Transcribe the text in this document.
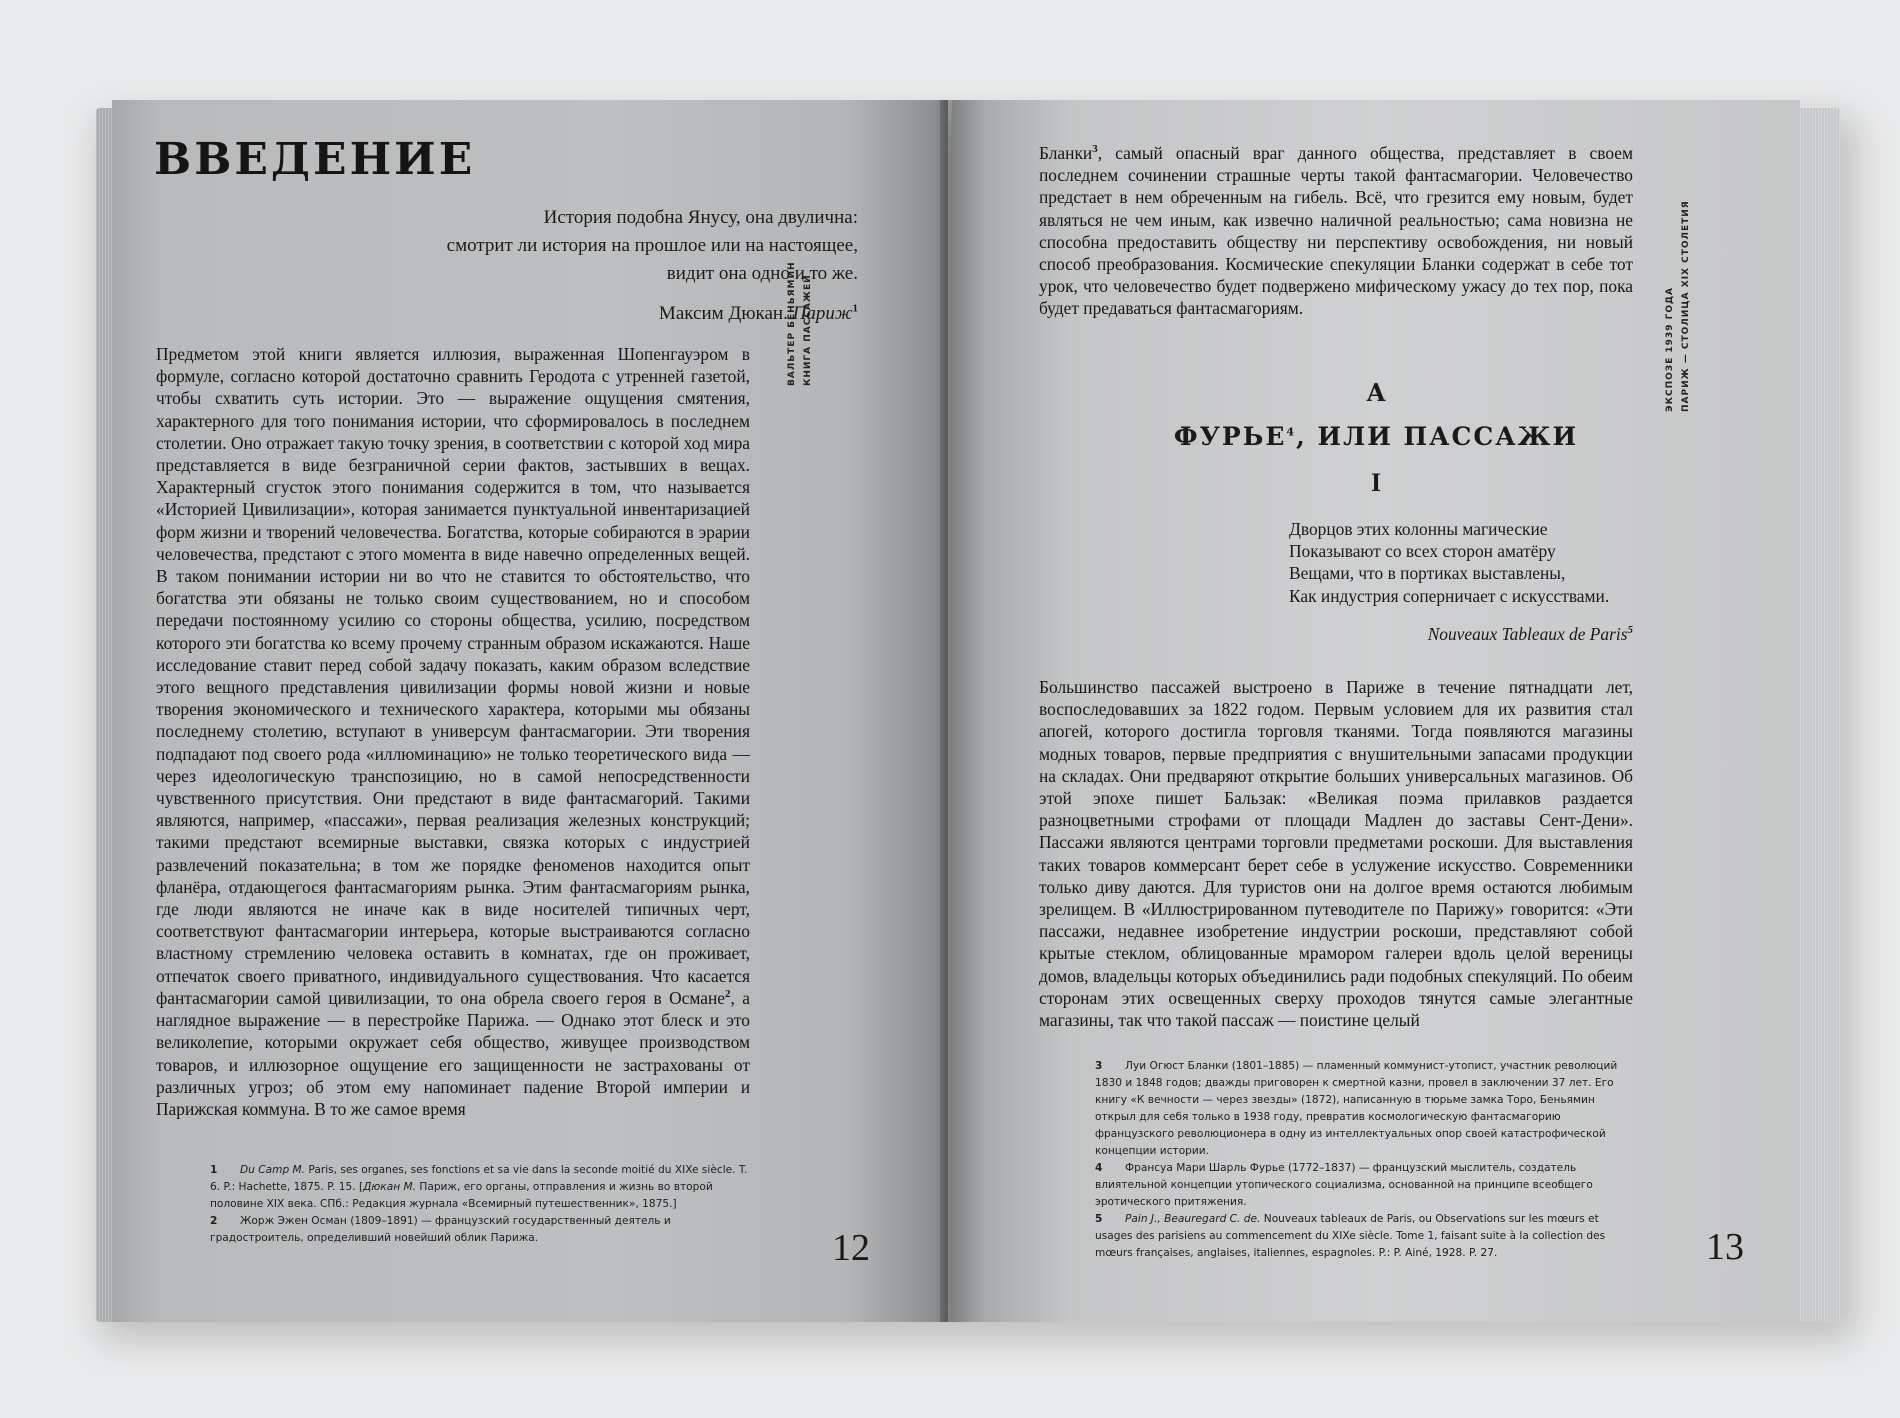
ВВЕДЕНИЕ
ВАЛЬТЕР БЕНЬЯМИН КНИГА ПАССАЖЕЙ
История подобна Янусу, она двулична:
смотрит ли история на прошлое или на настоящее,
видит она одно и то же.
Максим Дюкан. Париж$^1$

Предметом этой книги является иллюзия, выраженная Шопенгауэром в формуле, согласно которой достаточно сравнить Геродота с утренней газетой, чтобы схватить суть истории. Это — выражение ощущения смятения, характерного для того понимания истории, что сформировалось в последнем столетии. Оно отражает такую точку зрения, в соответствии с которой ход мира представляется в виде безграничной серии фактов, застывших в вещах. Характерный сгусток этого понимания содержится в том, что называется «Историей Цивилизации», которая занимается пунктуальной инвентаризацией форм жизни и творений человечества. Богатства, которые собираются в эрарии человечества, предстают с этого момента в виде навечно определенных вещей. В таком понимании истории ни во что не ставится то обстоятельство, что богатства эти обязаны не только своим существованием, но и способом передачи постоянному усилию со стороны общества, усилию, посредством которого эти богатства ко всему прочему странным образом искажаются. Наше исследование ставит перед собой задачу показать, каким образом вследствие этого вещного представления цивилизации формы новой жизни и новые творения экономического и технического характера, которыми мы обязаны последнему столетию, вступают в универсум фантасмагории. Эти творения подпадают под своего рода «иллюминацию» не только теоретического вида — через идеологическую транспозицию, но в самой непосредственности чувственного присутствия. Они предстают в виде фантасмагорий. Такими являются, например, «пассажи», первая реализация железных конструкций; такими предстают всемирные выставки, связка которых с индустрией развлечений показательна; в том же порядке феноменов находится опыт фланёра, отдающегося фантасмагориям рынка. Этим фантасмагориям рынка, где люди являются не иначе как в виде носителей типичных черт, соответствуют фантасмагории интерьера, которые выстраиваются согласно властному стремлению человека оставить в комнатах, где он проживает, отпечаток своего приватного, индивидуального существования. Что касается фантасмагории самой цивилизации, то она обрела своего героя в Османе$^2$, а наглядное выражение — в перестройке Парижа. — Однако этот блеск и это великолепие, которыми окружает себя общество, живущее производством товаров, и иллюзорное ощущение его защищенности не застрахованы от различных угроз; об этом ему напоминает падение Второй империи и Парижская коммуна. В то же самое время

1 Du Camp M. Paris, ses organes, ses fonctions et sa vie dans la seconde moitié du XIXe siècle. T. 6. P.: Hachette, 1875. P. 15. [Дюкан М. Париж, его органы, отправления и жизнь во второй половине XIX века. СПб.: Редакция журнала «Всемирный путешественник», 1875.]
2 Жорж Эжен Осман (1809–1891) — французский государственный деятель и градостроитель, определивший новейший облик Парижа.	12

Бланки$^3$, самый опасный враг данного общества, представляет в своем последнем сочинении страшные черты такой фантасмагории. Человечество предстает в нем обреченным на гибель. Всё, что грезится ему новым, будет являться не чем иным, как извечно наличной реальностью; сама новизна не способна предоставить обществу ни перспективу освобождения, ни новый способ преобразования. Космические спекуляции Бланки содержат в себе тот урок, что человечество будет подвержено мифическому ужасу до тех пор, пока будет предаваться фантасмагориям.	ЭКСПОЗЕ 1939 ГОДА ПАРИЖ — СТОЛИЦА XIX СТОЛЕТИЯ
A
ФУРЬЕ$^4$, ИЛИ ПАССАЖИ
I
Дворцов этих колонны магические
Показывают со всех сторон аматёру
Вещами, что в портиках выставлены,
Как индустрия соперничает с искусствами.
Nouveaux Tableaux de Paris$^5$

Большинство пассажей выстроено в Париже в течение пятнадцати лет, воспоследовавших за 1822 годом. Первым условием для их развития стал апогей, которого достигла торговля тканями. Тогда появляются магазины модных товаров, первые предприятия с внушительными запасами продукции на складах. Они предваряют открытие больших универсальных магазинов. Об этой эпохе пишет Бальзак: «Великая поэма прилавков раздается разноцветными строфами от площади Мадлен до заставы Сент-Дени». Пассажи являются центрами торговли предметами роскоши. Для выставления таких товаров коммерсант берет себе в услужение искусство. Современники только диву даются. Для туристов они на долгое время остаются любимым зрелищем. В «Иллюстрированном путеводителе по Парижу» говорится: «Эти пассажи, недавнее изобретение индустрии роскоши, представляют собой крытые стеклом, облицованные мрамором галереи вдоль целой вереницы домов, владельцы которых объединились ради подобных спекуляций. По обеим сторонам этих освещенных сверху проходов тянутся самые элегантные магазины, так что такой пассаж — поистине целый

3 Луи Огюст Бланки (1801–1885) — пламенный коммунист-утопист, участник революций 1830 и 1848 годов; дважды приговорен к смертной казни, провел в заключении 37 лет. Его книгу «К вечности — через звезды» (1872), написанную в тюрьме замка Торо, Беньямин открыл для себя только в 1938 году, превратив космологическую фантасмагорию французского революционера в одну из интеллектуальных опор своей катастрофической концепции истории.
4 Франсуа Мари Шарль Фурье (1772–1837) — французский мыслитель, создатель влиятельной концепции утопического социализма, основанной на принципе всеобщего эротического притяжения.
5 Pain J., Beauregard C. de. Nouveaux tableaux de Paris, ou Observations sur les mœurs et usages des parisiens au commencement du XIXe siècle. Tome 1, faisant suite à la collection des mœurs françaises, anglaises, italiennes, espagnoles. P.: P. Ainé, 1928. P. 27.	13
